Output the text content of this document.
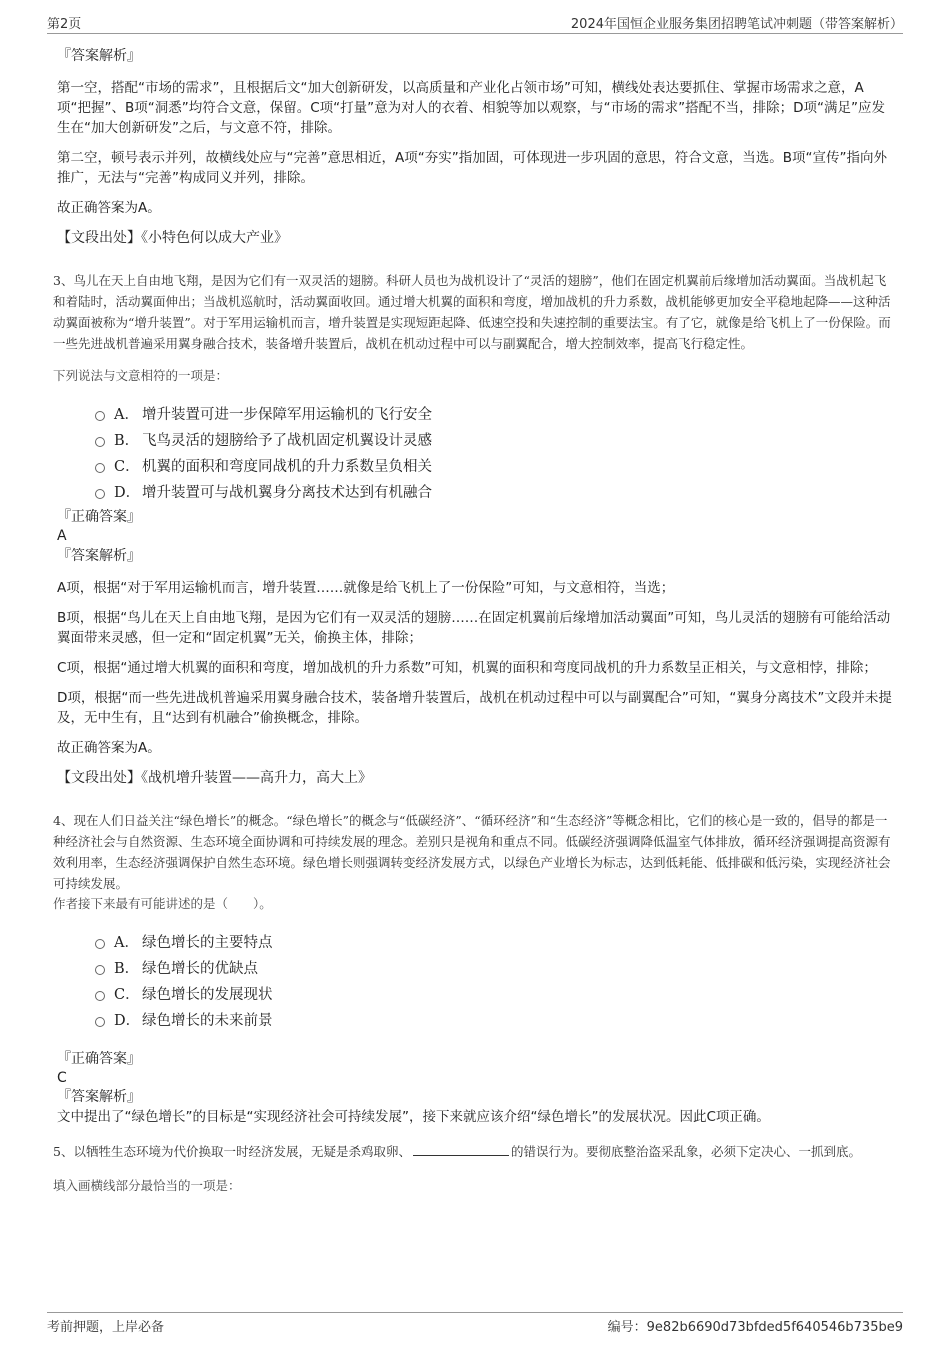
第2页	2024年国恒企业服务集团招聘笔试冲刺题（带答案解析）
『答案解析』

第一空，搭配“市场的需求”，且根据后文“加大创新研发，以高质量和产业化占领市场”可知，横线处表达要抓住、掌握市场需求之意，A项“把握”、B项“洞悉”均符合文意，保留。C项“打量”意为对人的衣着、相貌等加以观察，与“市场的需求”搭配不当，排除；D项“满足”应发生在“加大创新研发”之后，与文意不符，排除。

第二空，顿号表示并列，故横线处应与“完善”意思相近，A项“夯实”指加固，可体现进一步巩固的意思，符合文意，当选。B项“宣传”指向外推广，无法与“完善”构成同义并列，排除。

故正确答案为A。

【文段出处】《小特色何以成大产业》
3、鸟儿在天上自由地飞翔，是因为它们有一双灵活的翅膀。科研人员也为战机设计了“灵活的翅膀”，他们在固定机翼前后缘增加活动翼面。当战机起飞和着陆时，活动翼面伸出；当战机巡航时，活动翼面收回。通过增大机翼的面积和弯度，增加战机的升力系数，战机能够更加安全平稳地起降——这种活动翼面被称为“增升装置”。对于军用运输机而言，增升装置是实现短距起降、低速空投和失速控制的重要法宝。有了它，就像是给飞机上了一份保险。而一些先进战机普遍采用翼身融合技术，装备增升装置后，战机在机动过程中可以与副翼配合，增大控制效率，提高飞行稳定性。
下列说法与文意相符的一项是：
A． 增升装置可进一步保障军用运输机的飞行安全
B． 飞鸟灵活的翅膀给予了战机固定机翼设计灵感
C． 机翼的面积和弯度同战机的升力系数呈负相关
D． 增升装置可与战机翼身分离技术达到有机融合
『正确答案』
A
『答案解析』

A项，根据“对于军用运输机而言，增升装置……就像是给飞机上了一份保险”可知，与文意相符，当选；

B项，根据“鸟儿在天上自由地飞翔，是因为它们有一双灵活的翅膀……在固定机翼前后缘增加活动翼面”可知，鸟儿灵活的翅膀有可能给活动翼面带来灵感，但一定和“固定机翼”无关，偷换主体，排除；

C项，根据“通过增大机翼的面积和弯度，增加战机的升力系数”可知，机翼的面积和弯度同战机的升力系数呈正相关，与文意相悖，排除；

D项，根据“而一些先进战机普遍采用翼身融合技术，装备增升装置后，战机在机动过程中可以与副翼配合”可知，“翼身分离技术”文段并未提及，无中生有，且“达到有机融合”偷换概念，排除。

故正确答案为A。

【文段出处】《战机增升装置——高升力，高大上》
4、现在人们日益关注“绿色增长”的概念。“绿色增长”的概念与“低碳经济”、“循环经济”和“生态经济”等概念相比，它们的核心是一致的，倡导的都是一种经济社会与自然资源、生态环境全面协调和可持续发展的理念。差别只是视角和重点不同。低碳经济强调降低温室气体排放，循环经济强调提高资源有效利用率，生态经济强调保护自然生态环境。绿色增长则强调转变经济发展方式，以绿色产业增长为标志，达到低耗能、低排碳和低污染，实现经济社会可持续发展。
作者接下来最有可能讲述的是（　　）。
A． 绿色增长的主要特点
B． 绿色增长的优缺点
C． 绿色增长的发展现状
D． 绿色增长的未来前景
『正确答案』
C
『答案解析』

文中提出了“绿色增长”的目标是“实现经济社会可持续发展”，接下来就应该介绍“绿色增长”的发展状况。因此C项正确。

5、以牺牲生态环境为代价换取一时经济发展，无疑是杀鸡取卵、	的错误行为。要彻底整治盗采乱象，必须下定决心、一抓到底。
填入画横线部分最恰当的一项是：
考前押题，上岸必备	编号：9e82b6690d73bfded5f640546b735be9
